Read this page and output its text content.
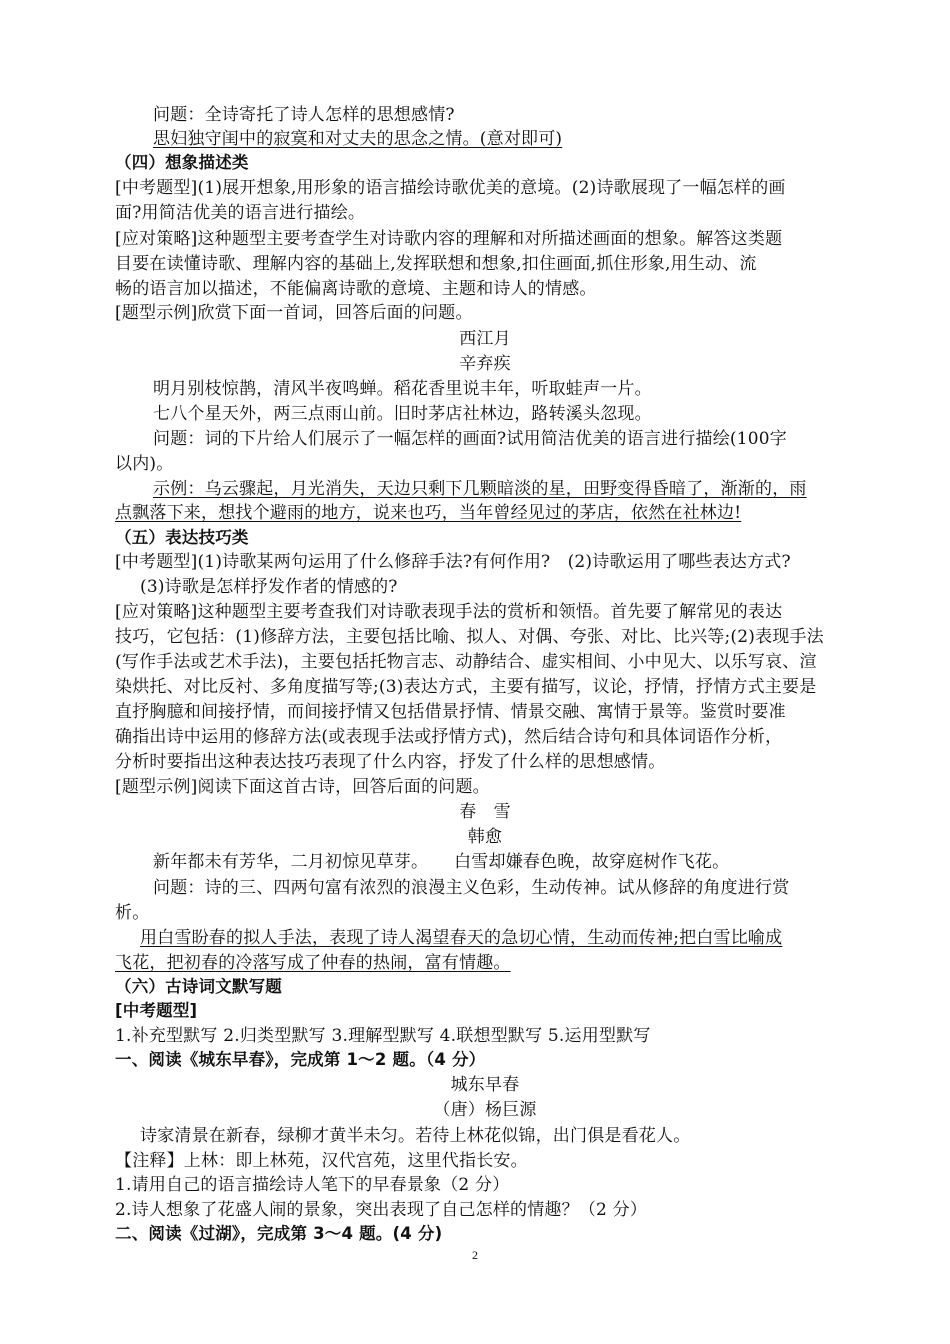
问题：全诗寄托了诗人怎样的思想感情?
思妇独守闺中的寂寞和对丈夫的思念之情。(意对即可)
（四）想象描述类
[中考题型](1)展开想象,用形象的语言描绘诗歌优美的意境。(2)诗歌展现了一幅怎样的画
面?用简洁优美的语言进行描绘。
[应对策略]这种题型主要考查学生对诗歌内容的理解和对所描述画面的想象。解答这类题
目要在读懂诗歌、理解内容的基础上,发挥联想和想象,扣住画面,抓住形象,用生动、流
畅的语言加以描述，不能偏离诗歌的意境、主题和诗人的情感。
[题型示例]欣赏下面一首词，回答后面的问题。
西江月
辛弃疾
明月别枝惊鹊，清风半夜鸣蝉。稻花香里说丰年，听取蛙声一片。
七八个星天外，两三点雨山前。旧时茅店社林边，路转溪头忽现。
问题：词的下片给人们展示了一幅怎样的画面?试用简洁优美的语言进行描绘(100字
以内)。
示例：乌云骤起，月光消失，天边只剩下几颗暗淡的星，田野变得昏暗了，渐渐的，雨
点飘落下来，想找个避雨的地方，说来也巧，当年曾经见过的茅店，依然在社林边!
（五）表达技巧类
[中考题型](1)诗歌某两句运用了什么修辞手法?有何作用?　(2)诗歌运用了哪些表达方式?
(3)诗歌是怎样抒发作者的情感的?
[应对策略]这种题型主要考查我们对诗歌表现手法的赏析和领悟。首先要了解常见的表达
技巧，它包括：(1)修辞方法，主要包括比喻、拟人、对偶、夸张、对比、比兴等;(2)表现手法
(写作手法或艺术手法)，主要包括托物言志、动静结合、虚实相间、小中见大、以乐写哀、渲
染烘托、对比反衬、多角度描写等;(3)表达方式，主要有描写，议论，抒情，抒情方式主要是
直抒胸臆和间接抒情，而间接抒情又包括借景抒情、情景交融、寓情于景等。鉴赏时要准
确指出诗中运用的修辞方法(或表现手法或抒情方式)，然后结合诗句和具体词语作分析，
分析时要指出这种表达技巧表现了什么内容，抒发了什么样的思想感情。
[题型示例]阅读下面这首古诗，回答后面的问题。
春　雪
韩愈
新年都未有芳华，二月初惊见草芽。　　白雪却嫌春色晚，故穿庭树作飞花。
问题：诗的三、四两句富有浓烈的浪漫主义色彩，生动传神。试从修辞的角度进行赏
析。
用白雪盼春的拟人手法，表现了诗人渴望春天的急切心情，生动而传神;把白雪比喻成
飞花，把初春的冷落写成了仲春的热闹，富有情趣。
（六）古诗词文默写题
[中考题型]
1.补充型默写 2.归类型默写 3.理解型默写 4.联想型默写 5.运用型默写
一、阅读《城东早春》，完成第 1～2 题。（4 分）
城东早春
（唐）杨巨源
诗家清景在新春，绿柳才黄半未匀。若待上林花似锦，出门俱是看花人。
【注释】上林：即上林苑，汉代宫苑，这里代指长安。
1.请用自己的语言描绘诗人笔下的早春景象（2 分）
2.诗人想象了花盛人闹的景象，突出表现了自己怎样的情趣？（2 分）
二、阅读《过湖》，完成第 3～4 题。(4 分)
2
